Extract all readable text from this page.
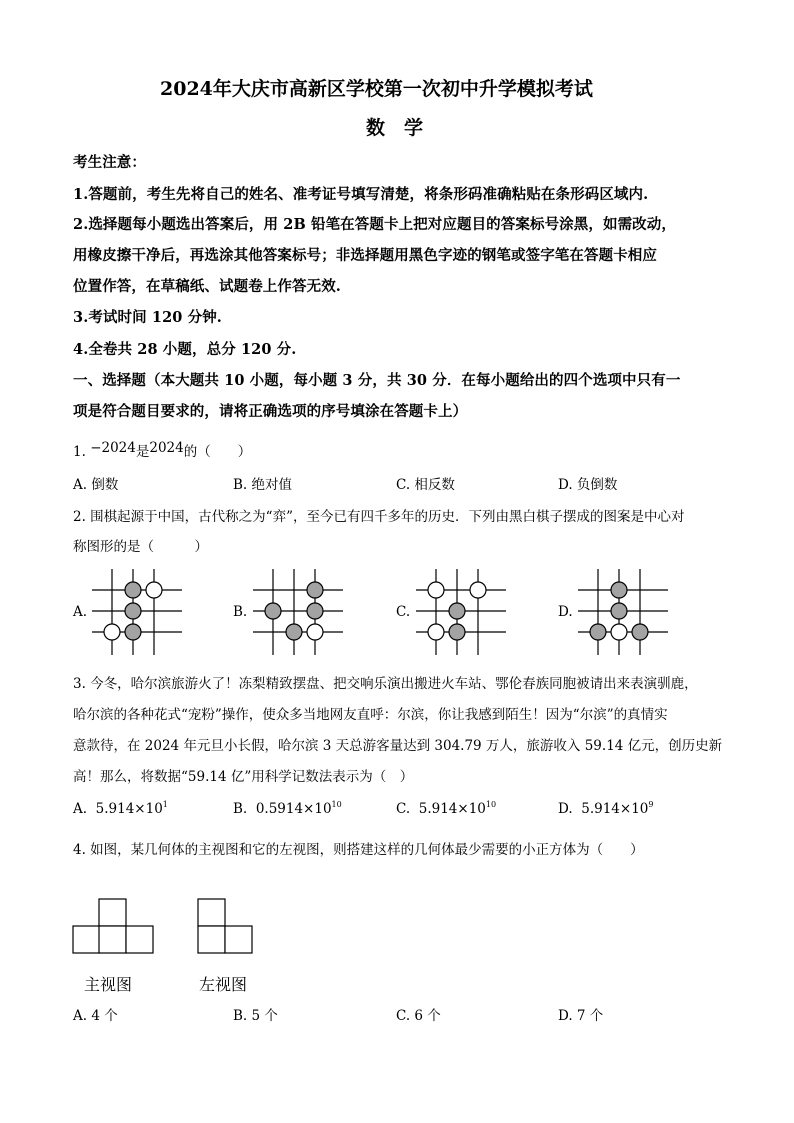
2024年大庆市高新区学校第一次初中升学模拟考试
数　学
考生注意：
1.答题前，考生先将自己的姓名、准考证号填写清楚，将条形码准确粘贴在条形码区域内.
2.选择题每小题选出答案后，用 2B 铅笔在答题卡上把对应题目的答案标号涂黑，如需改动，
用橡皮擦干净后，再选涂其他答案标号；非选择题用黑色字迹的钢笔或签字笔在答题卡相应
位置作答，在草稿纸、试题卷上作答无效.
3.考试时间 120 分钟.
4.全卷共 28 小题，总分 120 分.
一、选择题（本大题共 10 小题，每小题 3 分，共 30 分．在每小题给出的四个选项中只有一
项是符合题目要求的，请将正确选项的序号填涂在答题卡上）
1. −2024是2024的（　　）
A. 倒数	B. 绝对值	C. 相反数	D. 负倒数
2. 围棋起源于中国，古代称之为“弈”，至今已有四千多年的历史．下列由黑白棋子摆成的图案是中心对
称图形的是（　　　）
A.	B.	C.	D.
3. 今冬，哈尔滨旅游火了！冻梨精致摆盘、把交响乐演出搬进火车站、鄂伦春族同胞被请出来表演驯鹿，
哈尔滨的各种花式“宠粉”操作，使众多当地网友直呼：尔滨，你让我感到陌生！因为“尔滨”的真情实
意款待，在 2024 年元旦小长假，哈尔滨 3 天总游客量达到 304.79 万人，旅游收入 59.14 亿元，创历史新
高！那么，将数据“59.14 亿”用科学记数法表示为（　）
A. $5.914\times 10^1$	B. $0.5914\times 10^{10}$	C. $5.914\times 10^{10}$	D. $5.914\times 10^9$
4. 如图，某几何体的主视图和它的左视图，则搭建这样的几何体最少需要的小正方体为（　　）
主视图	左视图
A. 4 个	B. 5 个	C. 6 个	D. 7 个
